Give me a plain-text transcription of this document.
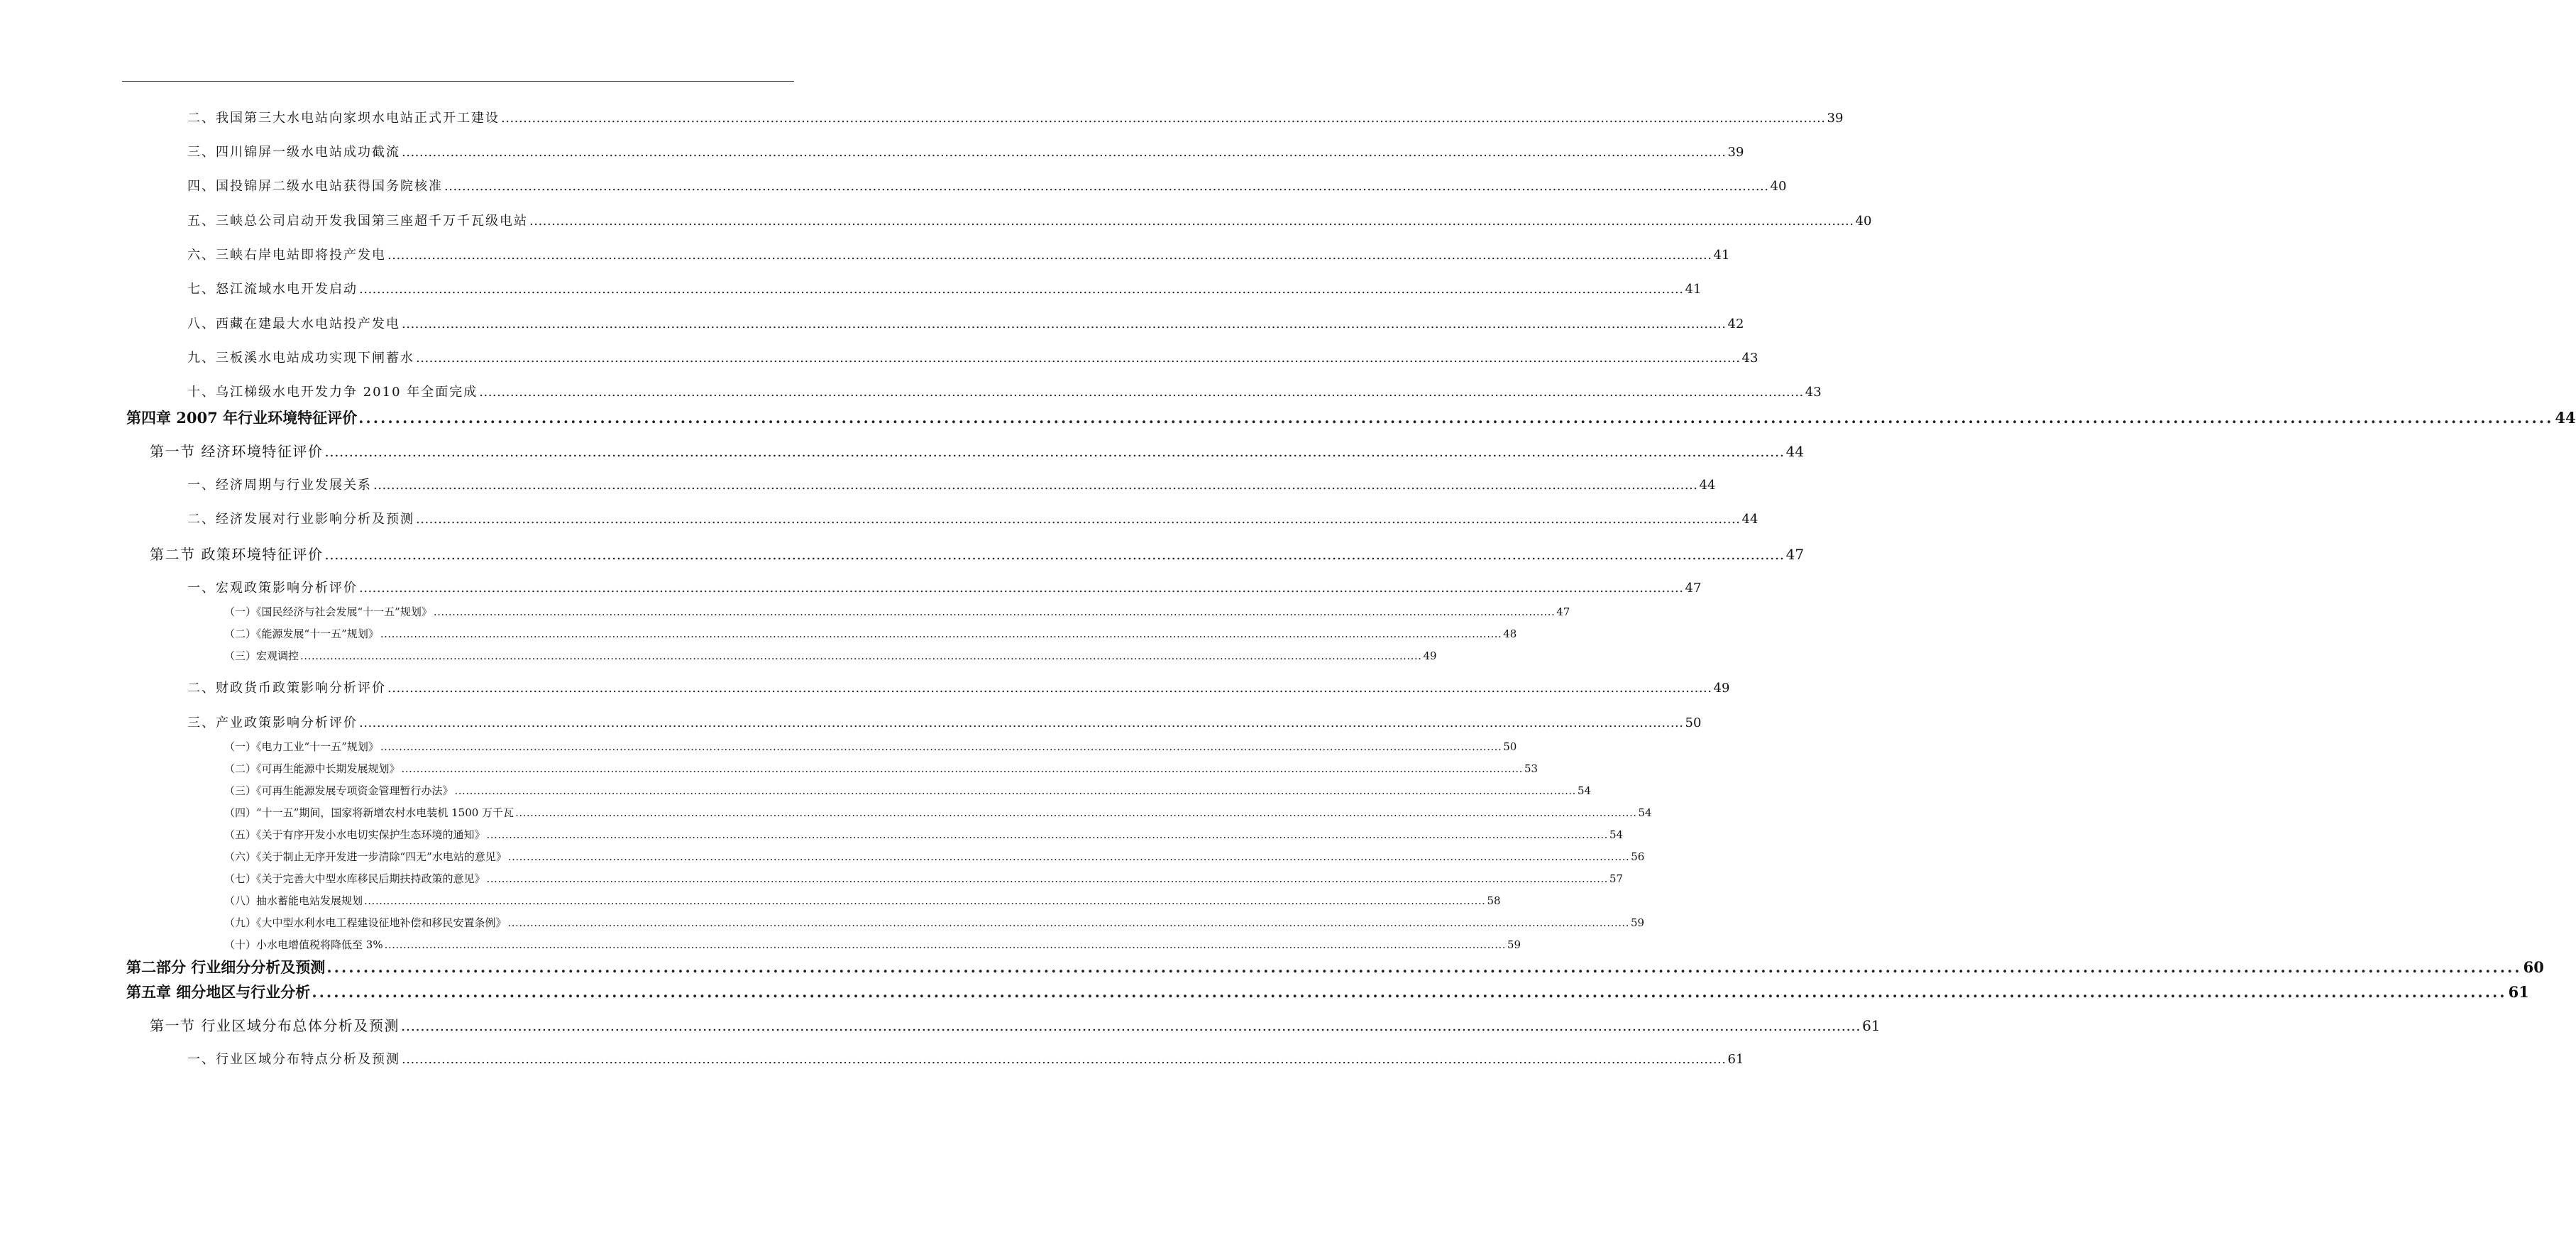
二、我国第三大水电站向家坝水电站正式开工建设 ............................................................................................................................................................................................................................................................................................................ 39
三、四川锦屏一级水电站成功截流 ............................................................................................................................................................................................................................................................................................................ 39
四、国投锦屏二级水电站获得国务院核准 ............................................................................................................................................................................................................................................................................................................ 40
五、三峡总公司启动开发我国第三座超千万千瓦级电站 ............................................................................................................................................................................................................................................................................................................ 40
六、三峡右岸电站即将投产发电 ............................................................................................................................................................................................................................................................................................................ 41
七、怒江流域水电开发启动 ............................................................................................................................................................................................................................................................................................................ 41
八、西藏在建最大水电站投产发电 ............................................................................................................................................................................................................................................................................................................ 42
九、三板溪水电站成功实现下闸蓄水 ............................................................................................................................................................................................................................................................................................................ 43
十、乌江梯级水电开发力争 2010 年全面完成 ............................................................................................................................................................................................................................................................................................................ 43
第四章 2007 年行业环境特征评价 ............................................................................................................................................................................................................................................................................................................ 44
第一节 经济环境特征评价 ............................................................................................................................................................................................................................................................................................................ 44
一、经济周期与行业发展关系 ............................................................................................................................................................................................................................................................................................................ 44
二、经济发展对行业影响分析及预测 ............................................................................................................................................................................................................................................................................................................ 44
第二节 政策环境特征评价 ............................................................................................................................................................................................................................................................................................................ 47
一、宏观政策影响分析评价 ............................................................................................................................................................................................................................................................................................................ 47
（一）《国民经济与社会发展“十一五”规划》 ............................................................................................................................................................................................................................................................................................................ 47
（二）《能源发展“十一五”规划》 ............................................................................................................................................................................................................................................................................................................ 48
（三）宏观调控 ............................................................................................................................................................................................................................................................................................................ 49
二、财政货币政策影响分析评价 ............................................................................................................................................................................................................................................................................................................ 49
三、产业政策影响分析评价 ............................................................................................................................................................................................................................................................................................................ 50
（一）《电力工业“十一五”规划》 ............................................................................................................................................................................................................................................................................................................ 50
（二）《可再生能源中长期发展规划》 ............................................................................................................................................................................................................................................................................................................ 53
（三）《可再生能源发展专项资金管理暂行办法》 ............................................................................................................................................................................................................................................................................................................ 54
（四）“十一五”期间，国家将新增农村水电装机 1500 万千瓦 ............................................................................................................................................................................................................................................................................................................ 54
（五）《关于有序开发小水电切实保护生态环境的通知》 ............................................................................................................................................................................................................................................................................................................ 54
（六）《关于制止无序开发进一步清除“四无”水电站的意见》 ............................................................................................................................................................................................................................................................................................................ 56
（七）《关于完善大中型水库移民后期扶持政策的意见》 ............................................................................................................................................................................................................................................................................................................ 57
（八）抽水蓄能电站发展规划 ............................................................................................................................................................................................................................................................................................................ 58
（九）《大中型水利水电工程建设征地补偿和移民安置条例》 ............................................................................................................................................................................................................................................................................................................ 59
（十）小水电增值税将降低至 3% ............................................................................................................................................................................................................................................................................................................ 59
第二部分 行业细分分析及预测 ............................................................................................................................................................................................................................................................................................................ 60
第五章 细分地区与行业分析 ............................................................................................................................................................................................................................................................................................................ 61
第一节 行业区域分布总体分析及预测 ............................................................................................................................................................................................................................................................................................................ 61
一、行业区域分布特点分析及预测 ............................................................................................................................................................................................................................................................................................................ 61
